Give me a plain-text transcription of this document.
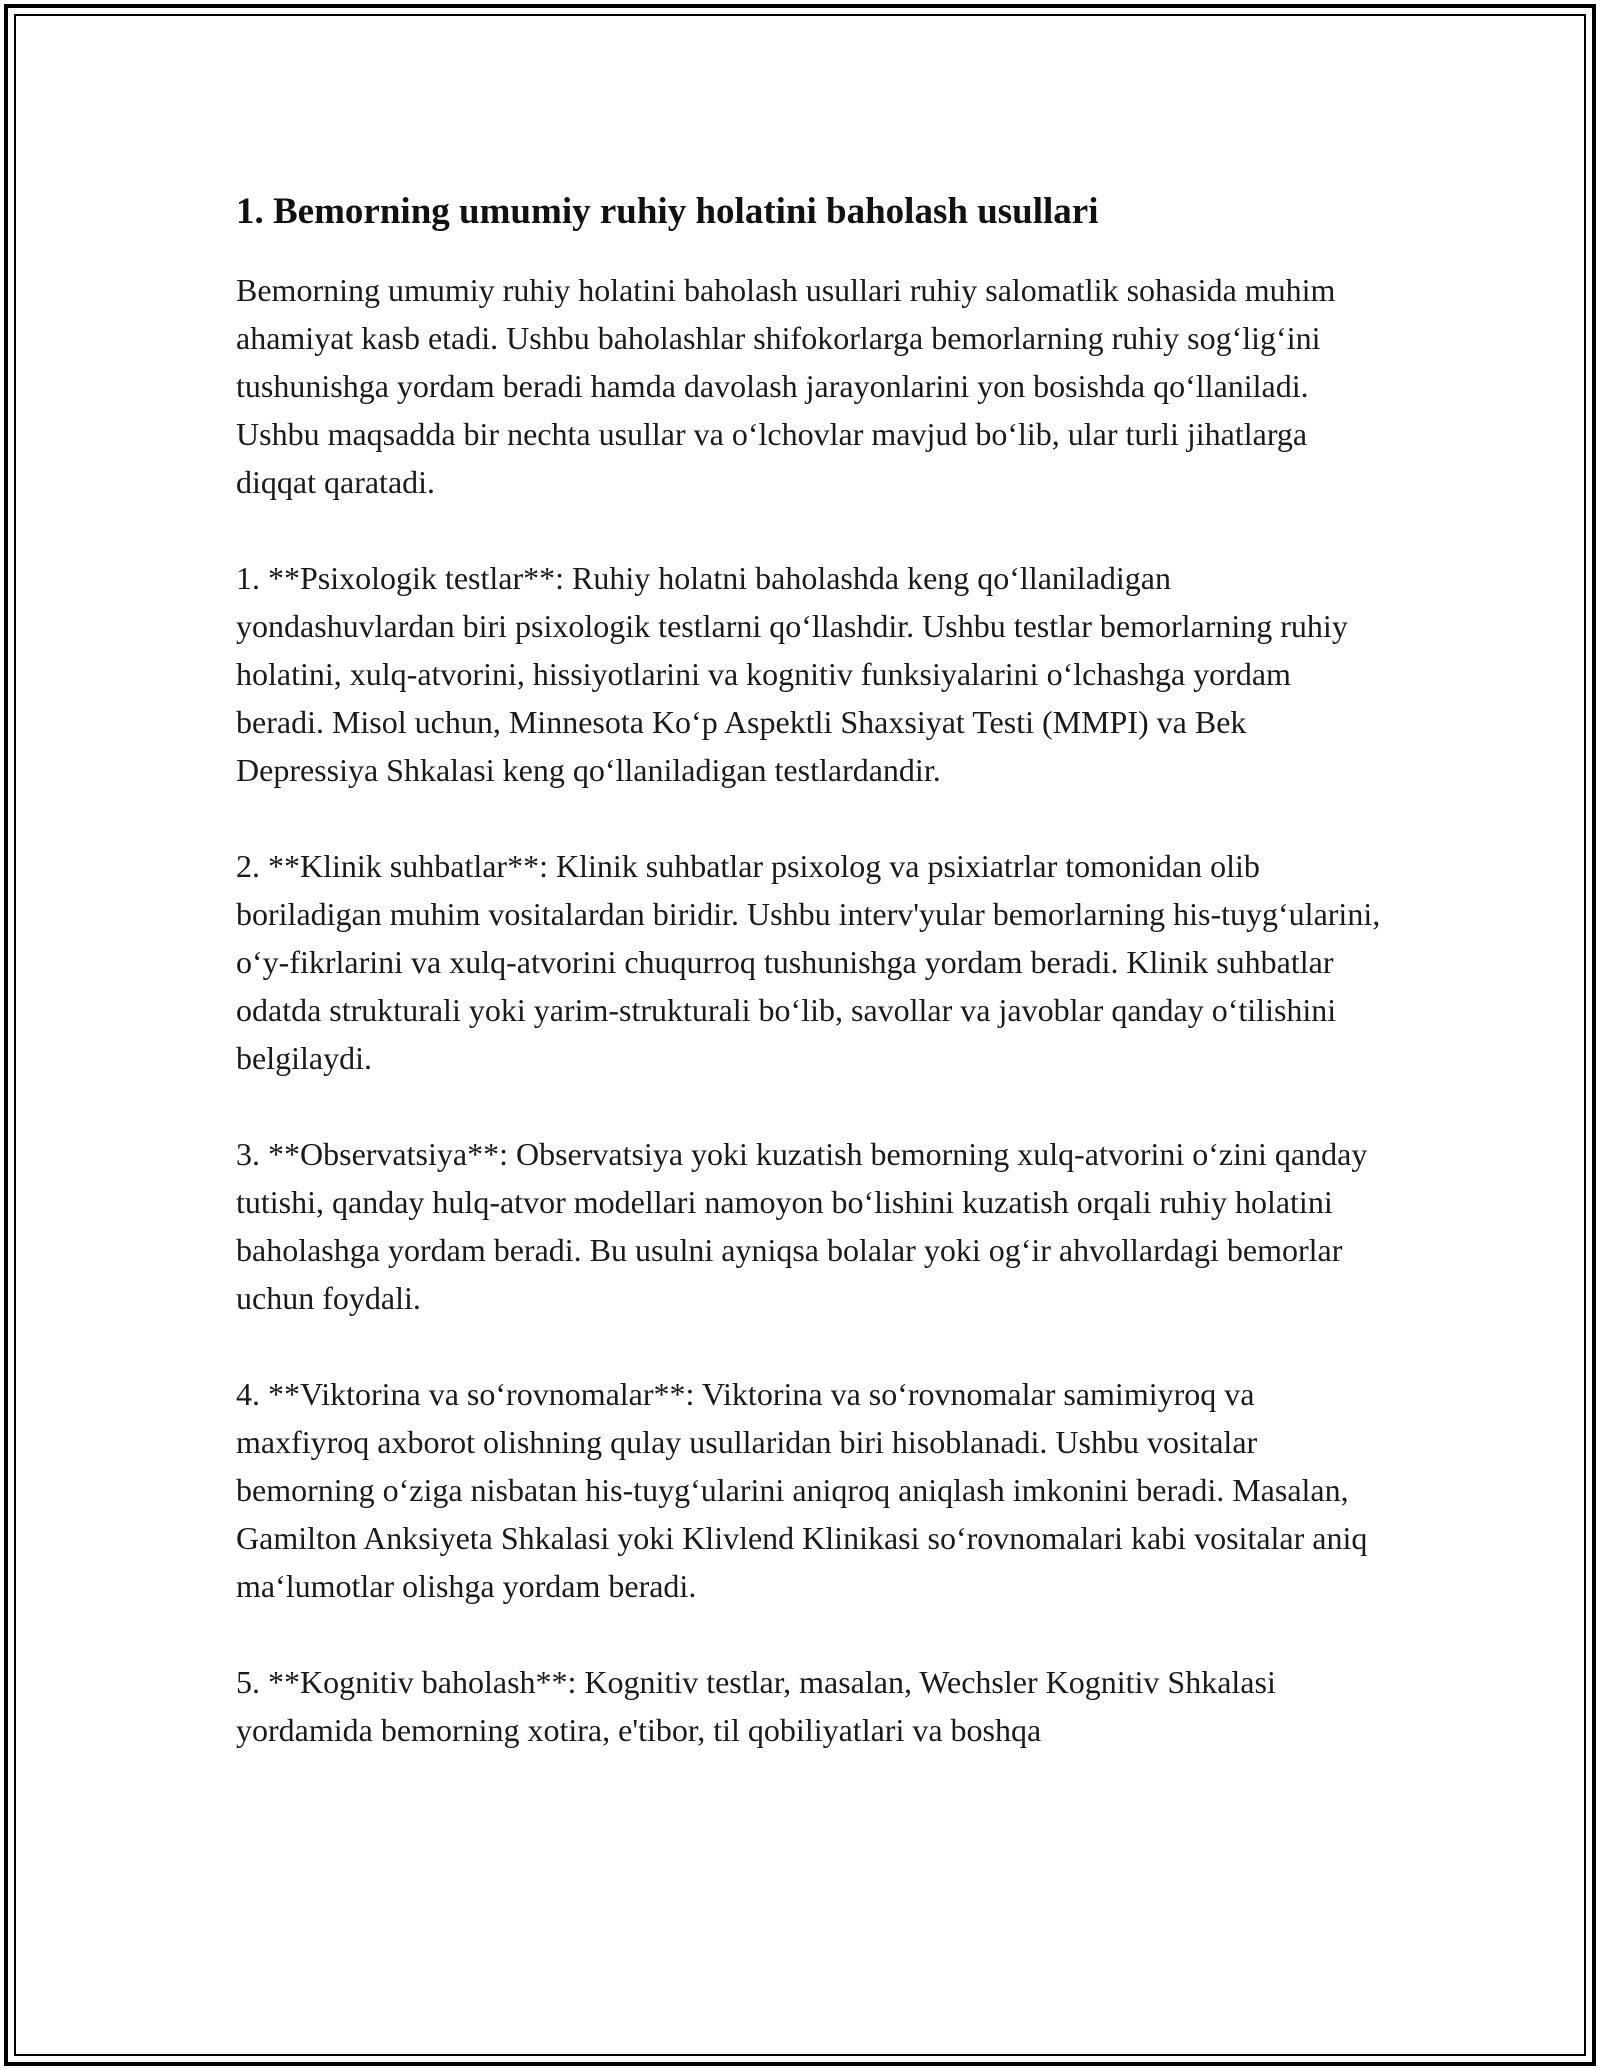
1. Bemorning umumiy ruhiy holatini baholash usullari

Bemorning umumiy ruhiy holatini baholash usullari ruhiy salomatlik sohasida muhim ahamiyat kasb etadi. Ushbu baholashlar shifokorlarga bemorlarning ruhiy sog‘lig‘ini tushunishga yordam beradi hamda davolash jarayonlarini yon bosishda qo‘llaniladi. Ushbu maqsadda bir nechta usullar va o‘lchovlar mavjud bo‘lib, ular turli jihatlarga diqqat qaratadi.

1. **Psixologik testlar**: Ruhiy holatni baholashda keng qo‘llaniladigan yondashuvlardan biri psixologik testlarni qo‘llashdir. Ushbu testlar bemorlarning ruhiy holatini, xulq-atvorini, hissiyotlarini va kognitiv funksiyalarini o‘lchashga yordam beradi. Misol uchun, Minnesota Ko‘p Aspektli Shaxsiyat Testi (MMPI) va Bek Depressiya Shkalasi keng qo‘llaniladigan testlardandir.

2. **Klinik suhbatlar**: Klinik suhbatlar psixolog va psixiatrlar tomonidan olib boriladigan muhim vositalardan biridir. Ushbu interv'yular bemorlarning his-tuyg‘ularini, o‘y-fikrlarini va xulq-atvorini chuqurroq tushunishga yordam beradi. Klinik suhbatlar odatda strukturali yoki yarim-strukturali bo‘lib, savollar va javoblar qanday o‘tilishini belgilaydi.

3. **Observatsiya**: Observatsiya yoki kuzatish bemorning xulq-atvorini o‘zini qanday tutishi, qanday hulq-atvor modellari namoyon bo‘lishini kuzatish orqali ruhiy holatini baholashga yordam beradi. Bu usulni ayniqsa bolalar yoki og‘ir ahvollardagi bemorlar uchun foydali.

4. **Viktorina va so‘rovnomalar**: Viktorina va so‘rovnomalar samimiyroq va maxfiyroq axborot olishning qulay usullaridan biri hisoblanadi. Ushbu vositalar bemorning o‘ziga nisbatan his-tuyg‘ularini aniqroq aniqlash imkonini beradi. Masalan, Gamilton Anksiyeta Shkalasi yoki Klivlend Klinikasi so‘rovnomalari kabi vositalar aniq ma‘lumotlar olishga yordam beradi.

5. **Kognitiv baholash**: Kognitiv testlar, masalan, Wechsler Kognitiv Shkalasi yordamida bemorning xotira, e'tibor, til qobiliyatlari va boshqa
